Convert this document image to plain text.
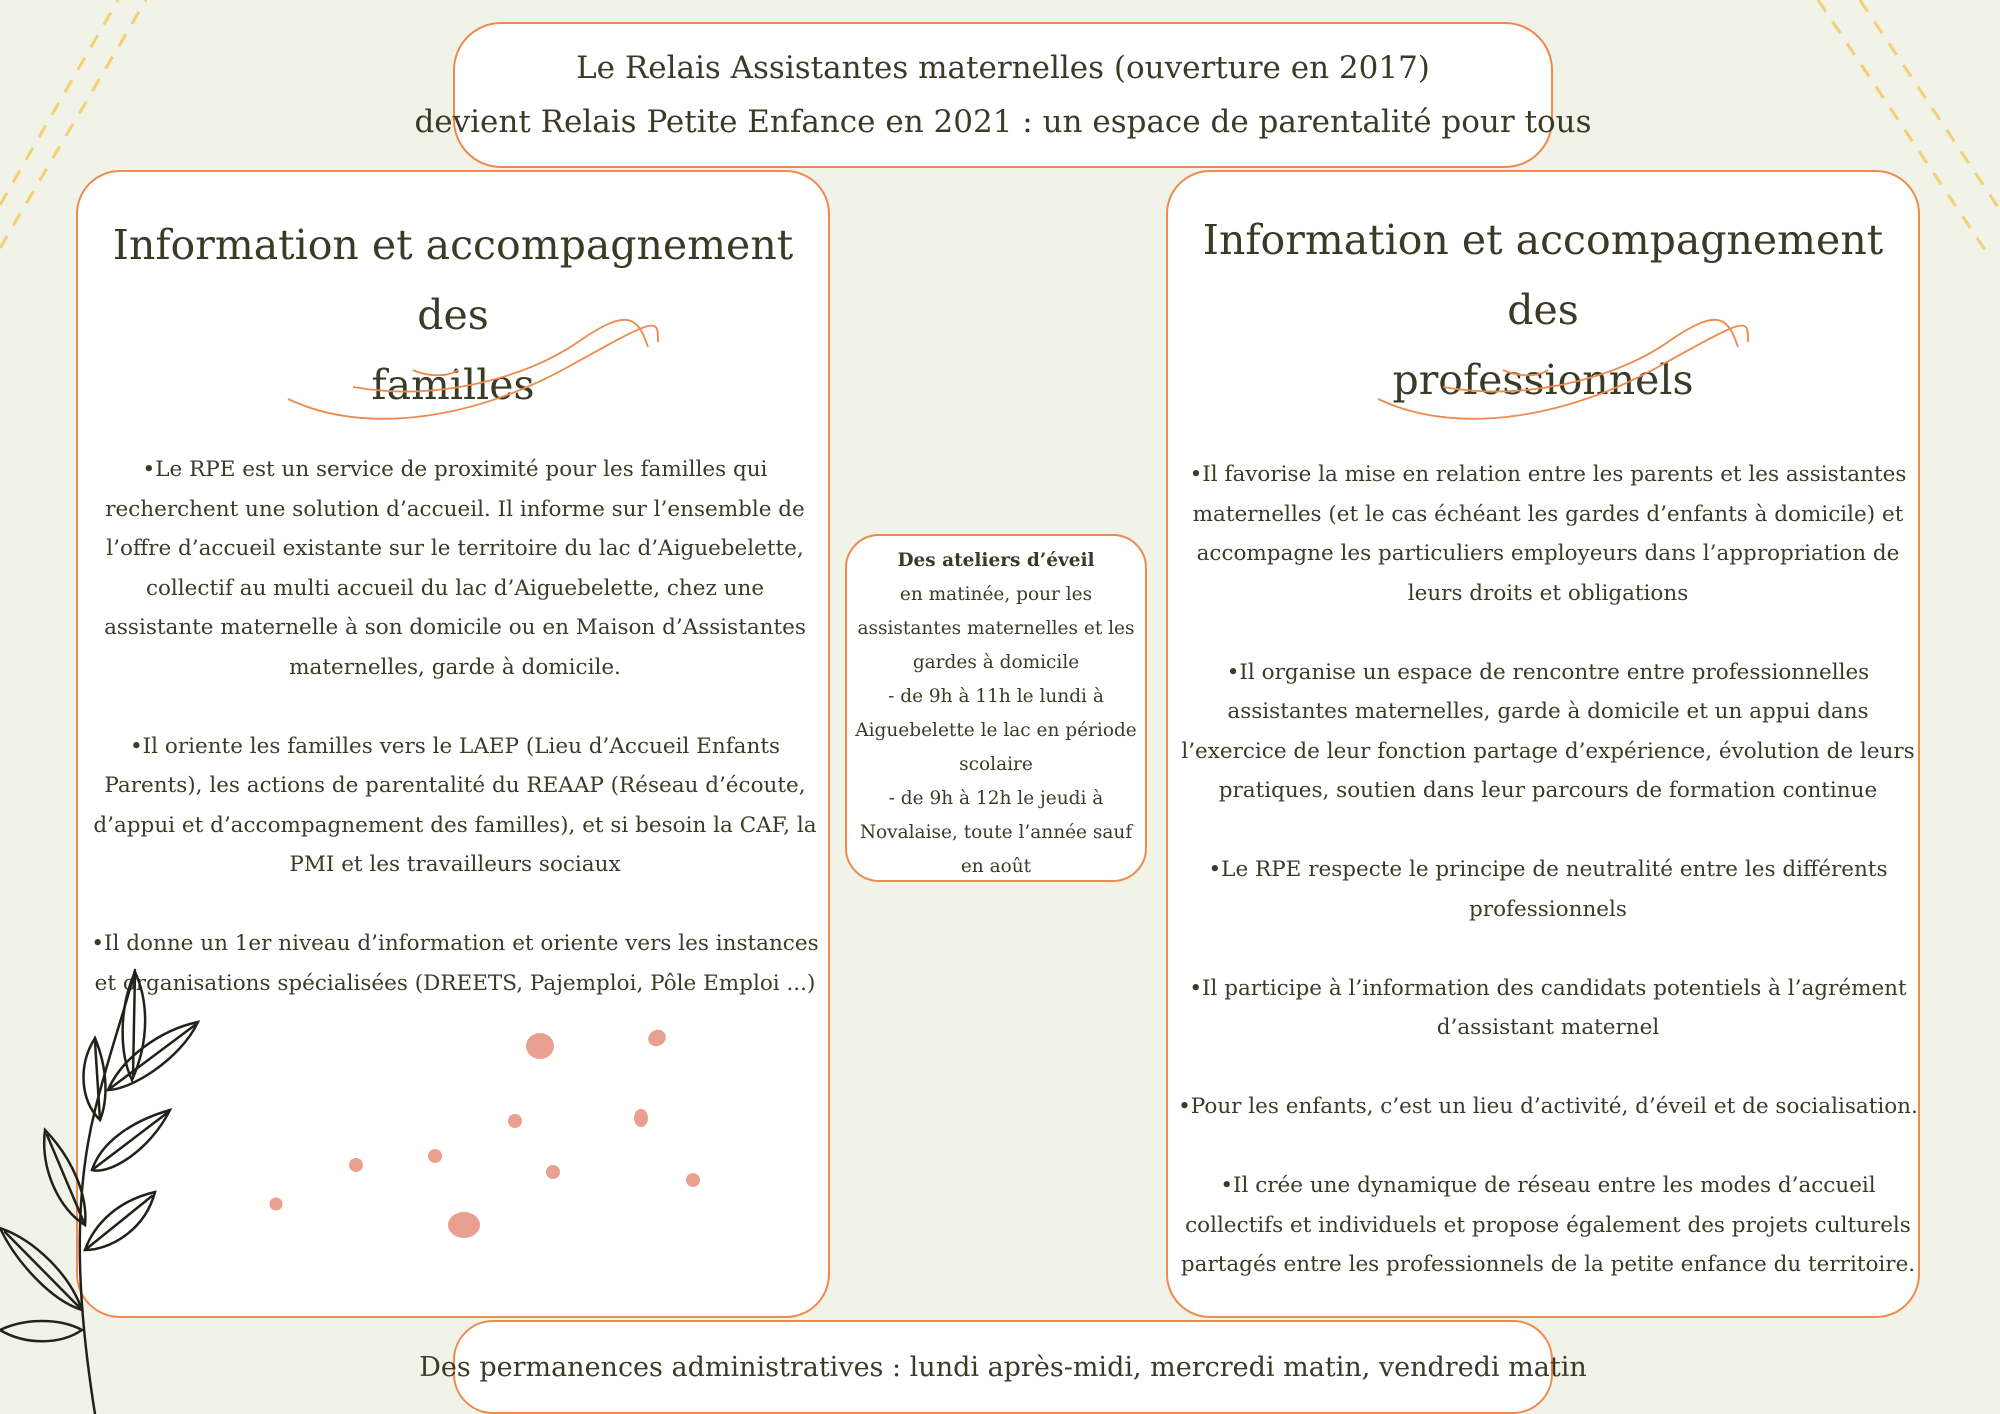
Le Relais Assistantes maternelles (ouverture en 2017)

devient Relais Petite Enfance en 2021 : un espace de parentalité pour tous

Information et accompagnement des
familles

•Le RPE est un service de proximité pour les familles qui recherchent une solution d’accueil. Il informe sur l’ensemble de l’offre d’accueil existante sur le territoire du lac d’Aiguebelette, collectif au multi accueil du lac d’Aiguebelette, chez une assistante maternelle à son domicile ou en Maison d’Assistantes maternelles, garde à domicile.

•Il oriente les familles vers le LAEP (Lieu d’Accueil Enfants Parents), les actions de parentalité du REAAP (Réseau d’écoute, d’appui et d’accompagnement des familles), et si besoin la CAF, la PMI et les travailleurs sociaux

•Il donne un 1er niveau d’information et oriente vers les instances et organisations spécialisées (DREETS, Pajemploi, Pôle Emploi ...)

Des ateliers d’éveil
en matinée, pour les assistantes maternelles et les gardes à domicile
- de 9h à 11h le lundi à Aiguebelette le lac en période scolaire
- de 9h à 12h le jeudi à Novalaise, toute l’année sauf en août
Information et accompagnement des
professionnels

•Il favorise la mise en relation entre les parents et les assistantes maternelles (et le cas échéant les gardes d’enfants à domicile) et accompagne les particuliers employeurs dans l’appropriation de leurs droits et obligations

•Il organise un espace de rencontre entre professionnelles assistantes maternelles, garde à domicile et un appui dans l’exercice de leur fonction partage d’expérience, évolution de leurs pratiques, soutien dans leur parcours de formation continue

•Le RPE respecte le principe de neutralité entre les différents professionnels

•Il participe à l’information des candidats potentiels à l’agrément d’assistant maternel

•Pour les enfants, c’est un lieu d’activité, d’éveil et de socialisation.

•Il crée une dynamique de réseau entre les modes d’accueil collectifs et individuels et propose également des projets culturels partagés entre les professionnels de la petite enfance du territoire.

Des permanences administratives : lundi après-midi, mercredi matin, vendredi matin
